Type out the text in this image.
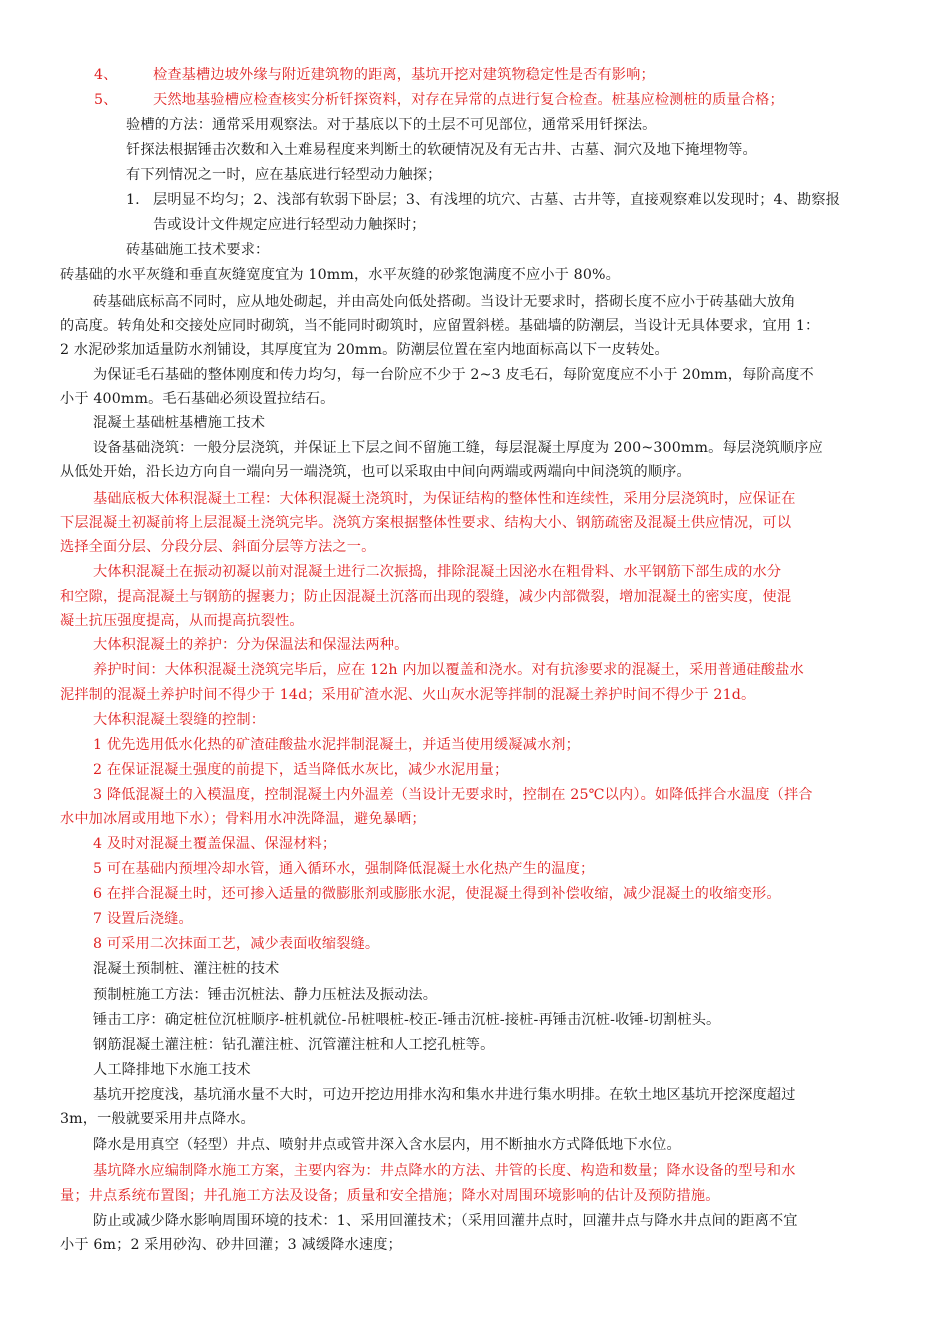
4、 检查基槽边坡外缘与附近建筑物的距离，基坑开挖对建筑物稳定性是否有影响；

5、 天然地基验槽应检查核实分析钎探资料，对存在异常的点进行复合检查。桩基应检测桩的质量合格；

验槽的方法：通常采用观察法。对于基底以下的土层不可见部位，通常采用钎探法。

钎探法根据锤击次数和入土难易程度来判断土的软硬情况及有无古井、古墓、洞穴及地下掩埋物等。

有下列情况之一时，应在基底进行轻型动力触探；

1. 层明显不均匀；2、浅部有软弱下卧层；3、有浅埋的坑穴、古墓、古井等，直接观察难以发现时；4、勘察报

告或设计文件规定应进行轻型动力触探时；

砖基础施工技术要求：

砖基础的水平灰缝和垂直灰缝宽度宜为 10mm，水平灰缝的砂浆饱满度不应小于 80%。

砖基础底标高不同时，应从地处砌起，并由高处向低处搭砌。当设计无要求时，搭砌长度不应小于砖基础大放角

的高度。转角处和交接处应同时砌筑，当不能同时砌筑时，应留置斜槎。基础墙的防潮层，当设计无具体要求，宜用 1：

2 水泥砂浆加适量防水剂铺设，其厚度宜为 20mm。防潮层位置在室内地面标高以下一皮转处。

为保证毛石基础的整体刚度和传力均匀，每一台阶应不少于 2~3 皮毛石，每阶宽度应不小于 20mm，每阶高度不

小于 400mm。毛石基础必须设置拉结石。

混凝土基础桩基槽施工技术

设备基础浇筑：一般分层浇筑，并保证上下层之间不留施工缝，每层混凝土厚度为 200~300mm。每层浇筑顺序应

从低处开始，沿长边方向自一端向另一端浇筑，也可以采取由中间向两端或两端向中间浇筑的顺序。

基础底板大体积混凝土工程：大体积混凝土浇筑时，为保证结构的整体性和连续性，采用分层浇筑时，应保证在

下层混凝土初凝前将上层混凝土浇筑完毕。浇筑方案根据整体性要求、结构大小、钢筋疏密及混凝土供应情况，可以

选择全面分层、分段分层、斜面分层等方法之一。

大体积混凝土在振动初凝以前对混凝土进行二次振捣，排除混凝土因泌水在粗骨料、水平钢筋下部生成的水分

和空隙，提高混凝土与钢筋的握裹力；防止因混凝土沉落而出现的裂缝，减少内部微裂，增加混凝土的密实度，使混

凝土抗压强度提高，从而提高抗裂性。

大体积混凝土的养护：分为保温法和保湿法两种。

养护时间：大体积混凝土浇筑完毕后，应在 12h 内加以覆盖和浇水。对有抗渗要求的混凝土，采用普通硅酸盐水

泥拌制的混凝土养护时间不得少于 14d；采用矿渣水泥、火山灰水泥等拌制的混凝土养护时间不得少于 21d。

大体积混凝土裂缝的控制：

1 优先选用低水化热的矿渣硅酸盐水泥拌制混凝土，并适当使用缓凝减水剂；

2 在保证混凝土强度的前提下，适当降低水灰比，减少水泥用量；

3 降低混凝土的入模温度，控制混凝土内外温差（当设计无要求时，控制在 25℃以内）。如降低拌合水温度（拌合

水中加冰屑或用地下水）；骨料用水冲洗降温，避免暴晒；

4 及时对混凝土覆盖保温、保湿材料；

5 可在基础内预埋冷却水管，通入循环水，强制降低混凝土水化热产生的温度；

6 在拌合混凝土时，还可掺入适量的微膨胀剂或膨胀水泥，使混凝土得到补偿收缩，减少混凝土的收缩变形。

7 设置后浇缝。

8 可采用二次抹面工艺，减少表面收缩裂缝。

混凝土预制桩、灌注桩的技术

预制桩施工方法：锤击沉桩法、静力压桩法及振动法。

锤击工序：确定桩位沉桩顺序-桩机就位-吊桩喂桩-校正-锤击沉桩-接桩-再锤击沉桩-收锤-切割桩头。

钢筋混凝土灌注桩：钻孔灌注桩、沉管灌注桩和人工挖孔桩等。

人工降排地下水施工技术

基坑开挖度浅，基坑涌水量不大时，可边开挖边用排水沟和集水井进行集水明排。在软土地区基坑开挖深度超过

3m，一般就要采用井点降水。

降水是用真空（轻型）井点、喷射井点或管井深入含水层内，用不断抽水方式降低地下水位。

基坑降水应编制降水施工方案，主要内容为：井点降水的方法、井管的长度、构造和数量；降水设备的型号和水

量；井点系统布置图；井孔施工方法及设备；质量和安全措施；降水对周围环境影响的估计及预防措施。

防止或减少降水影响周围环境的技术：1、采用回灌技术；（采用回灌井点时，回灌井点与降水井点间的距离不宜

小于 6m；2 采用砂沟、砂井回灌；3 减缓降水速度；
